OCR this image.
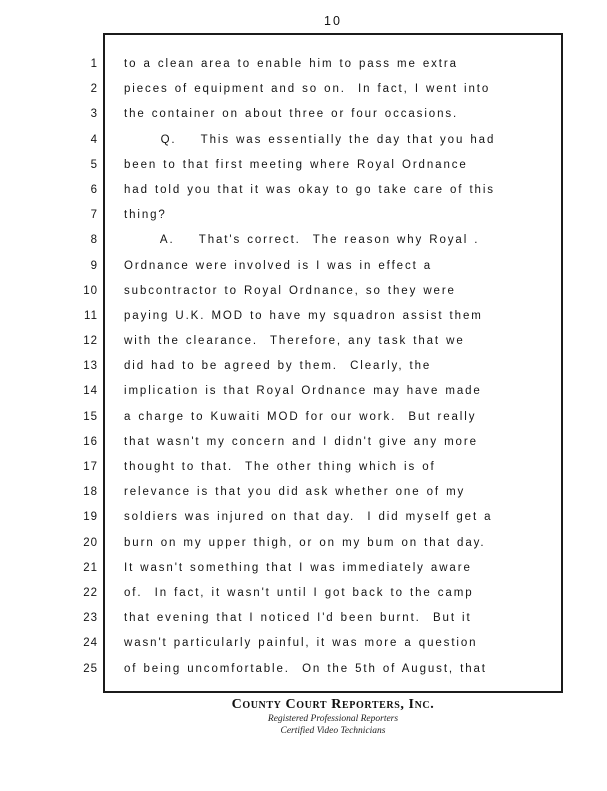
10
1 to a clean area to enable him to pass me extra
2 pieces of equipment and so on.  In fact, I went into
3 the container on about three or four occasions.
4      Q.    This was essentially the day that you had
5 been to that first meeting where Royal Ordnance
6 had told you that it was okay to go take care of this
7 thing?
8      A.    That's correct.  The reason why Royal .
9 Ordnance were involved is I was in effect a
10 subcontractor to Royal Ordnance, so they were
11 paying U.K. MOD to have my squadron assist them
12 with the clearance.  Therefore, any task that we
13 did had to be agreed by them.  Clearly, the
14 implication is that Royal Ordnance may have made
15 a charge to Kuwaiti MOD for our work.  But really
16 that wasn't my concern and I didn't give any more
17 thought to that.  The other thing which is of
18 relevance is that you did ask whether one of my
19 soldiers was injured on that day.  I did myself get a
20 burn on my upper thigh, or on my bum on that day.
21 It wasn't something that I was immediately aware
22 of.  In fact, it wasn't until I got back to the camp
23 that evening that I noticed I'd been burnt.  But it
24 wasn't particularly painful, it was more a question
25 of being uncomfortable.  On the 5th of August, that
County Court Reporters, Inc.
Registered Professional Reporters
Certified Video Technicians
